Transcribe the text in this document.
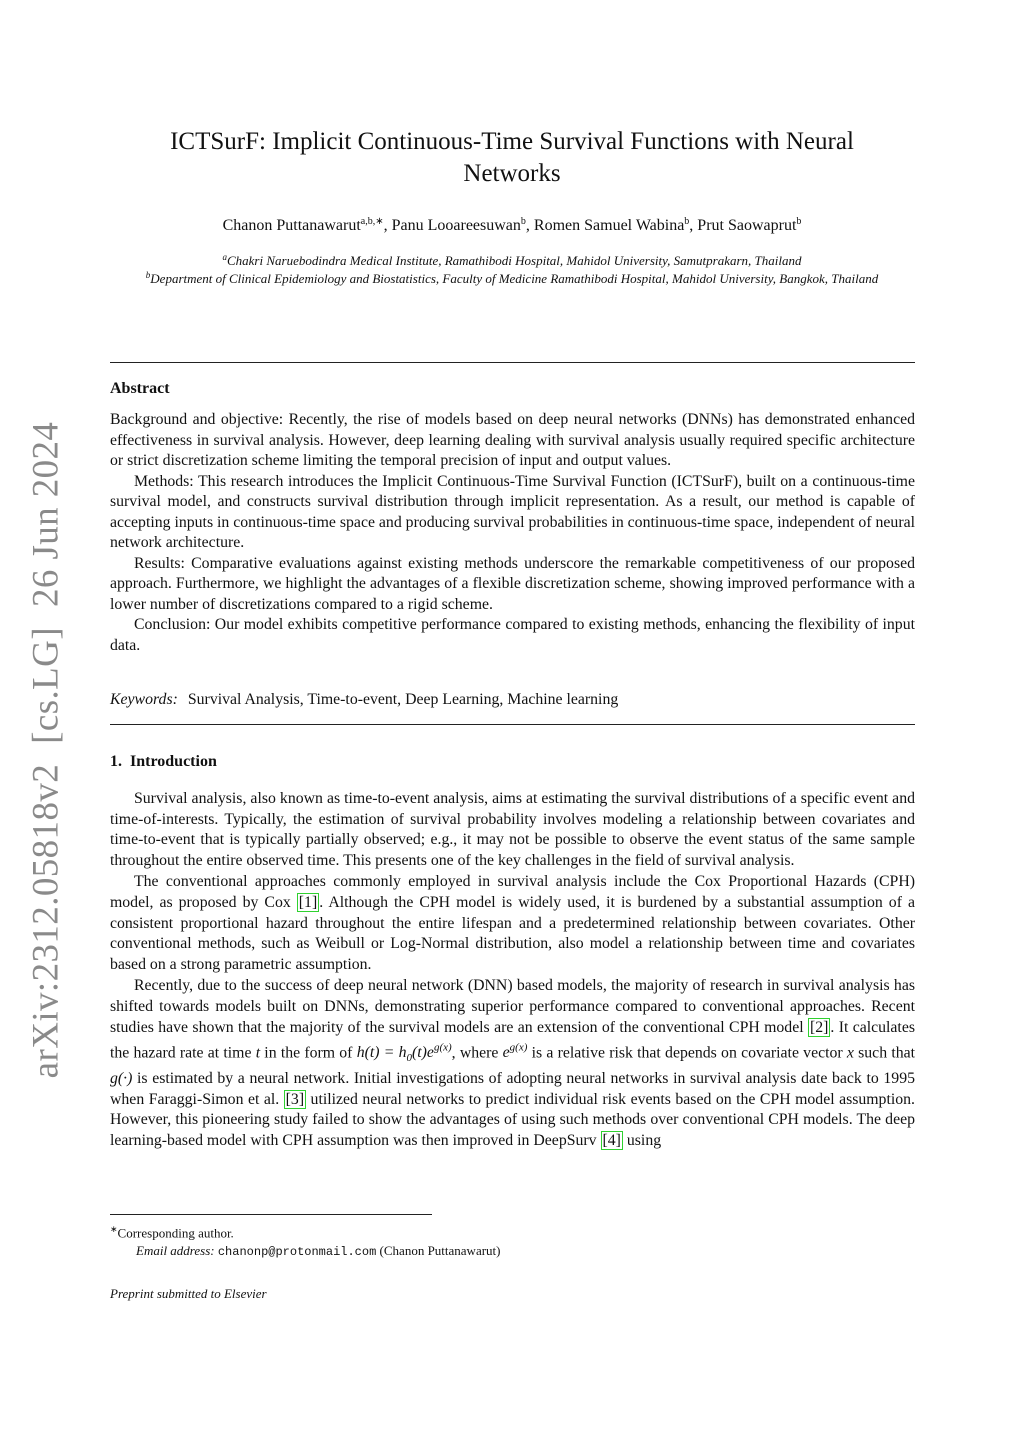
arXiv:2312.05818v2[cs.LG]26 Jun 2024
ICTSurF: Implicit Continuous-Time Survival Functions with Neural Networks
Chanon Puttanawarut$^{a,b,∗}$, Panu Looareesuwan$^b$, Romen Samuel Wabina$^b$, Prut Saowaprut$^b$
$^a$Chakri Naruebodindra Medical Institute, Ramathibodi Hospital, Mahidol University, Samutprakarn, Thailand
$^b$Department of Clinical Epidemiology and Biostatistics, Faculty of Medicine Ramathibodi Hospital, Mahidol University, Bangkok, Thailand
Abstract

Background and objective: Recently, the rise of models based on deep neural networks (DNNs) has demonstrated enhanced effectiveness in survival analysis. However, deep learning dealing with survival analysis usually required specific architecture or strict discretization scheme limiting the temporal precision of input and output values.

Methods: This research introduces the Implicit Continuous-Time Survival Function (ICTSurF), built on a continuous-time survival model, and constructs survival distribution through implicit representation. As a result, our method is capable of accepting inputs in continuous-time space and producing survival probabilities in continuous-time space, independent of neural network architecture.

Results: Comparative evaluations against existing methods underscore the remarkable competitiveness of our proposed approach. Furthermore, we highlight the advantages of a flexible discretization scheme, showing improved performance with a lower number of discretizations compared to a rigid scheme.

Conclusion: Our model exhibits competitive performance compared to existing methods, enhancing the flexibility of input data.

Keywords: Survival Analysis, Time-to-event, Deep Learning, Machine learning
1. Introduction

Survival analysis, also known as time-to-event analysis, aims at estimating the survival distributions of a specific event and time-of-interests. Typically, the estimation of survival probability involves modeling a relationship between covariates and time-to-event that is typically partially observed; e.g., it may not be possible to observe the event status of the same sample throughout the entire observed time. This presents one of the key challenges in the field of survival analysis.

The conventional approaches commonly employed in survival analysis include the Cox Proportional Hazards (CPH) model, as proposed by Cox [1] . Although the CPH model is widely used, it is burdened by a substantial assumption of a consistent proportional hazard throughout the entire lifespan and a predetermined relationship between covariates. Other conventional methods, such as Weibull or Log-Normal distribution, also model a relationship between time and covariates based on a strong parametric assumption.

Recently, due to the success of deep neural network (DNN) based models, the majority of research in survival analysis has shifted towards models built on DNNs, demonstrating superior performance compared to conventional approaches. Recent studies have shown that the majority of the survival models are an extension of the conventional CPH model [2] . It calculates the hazard rate at time t in the form of $h(t) = h_0(t)e^{g(x)}$, where $e^{g(x)}$ is a relative risk that depends on covariate vector x such that g(·) is estimated by a neural network. Initial investigations of adopting neural networks in survival analysis date back to 1995 when Faraggi-Simon et al. [3] utilized neural networks to predict individual risk events based on the CPH model assumption. However, this pioneering study failed to show the advantages of using such methods over conventional CPH models. The deep learning-based model with CPH assumption was then improved in DeepSurv [4] using

∗Corresponding author.
Email address: chanonp@protonmail.com (Chanon Puttanawarut)
Preprint submitted to Elsevier
